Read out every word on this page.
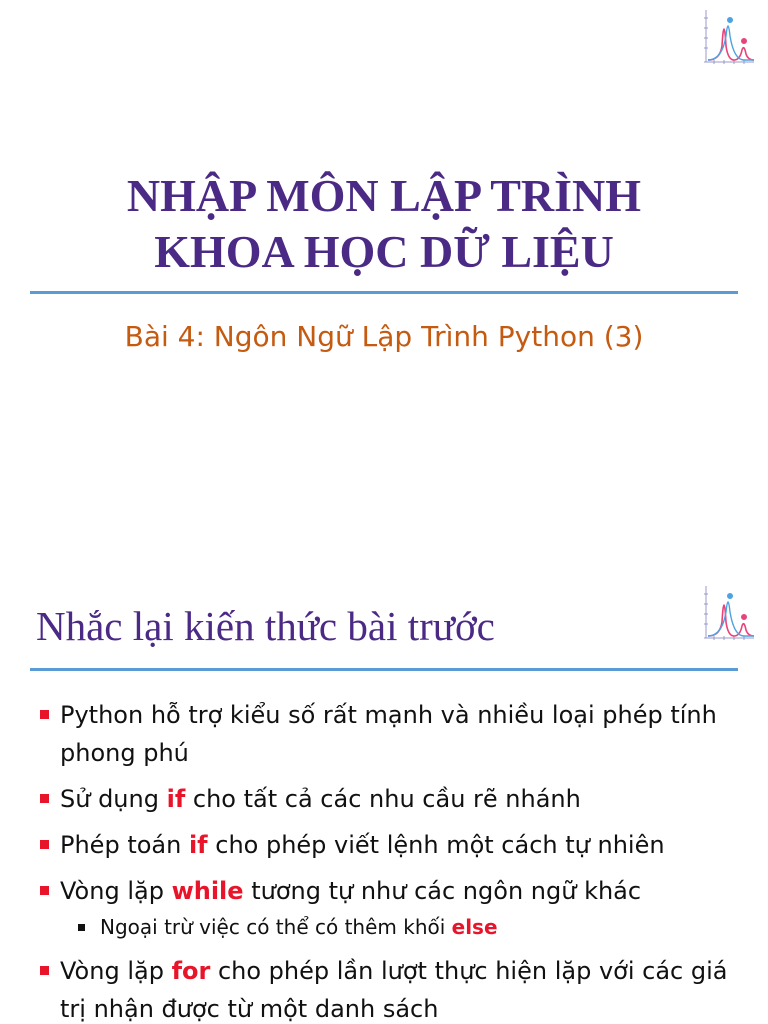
NHẬP MÔN LẬP TRÌNH
KHOA HỌC DỮ LIỆU

Bài 4: Ngôn Ngữ Lập Trình Python (3)

Nhắc lại kiến thức bài trước
Python hỗ trợ kiểu số rất mạnh và nhiều loại phép tính phong phú
Sử dụng if cho tất cả các nhu cầu rẽ nhánh
Phép toán if cho phép viết lệnh một cách tự nhiên
Vòng lặp while tương tự như các ngôn ngữ khác
Ngoại trừ việc có thể có thêm khối else
Vòng lặp for cho phép lần lượt thực hiện lặp với các giá trị nhận được từ một danh sách
